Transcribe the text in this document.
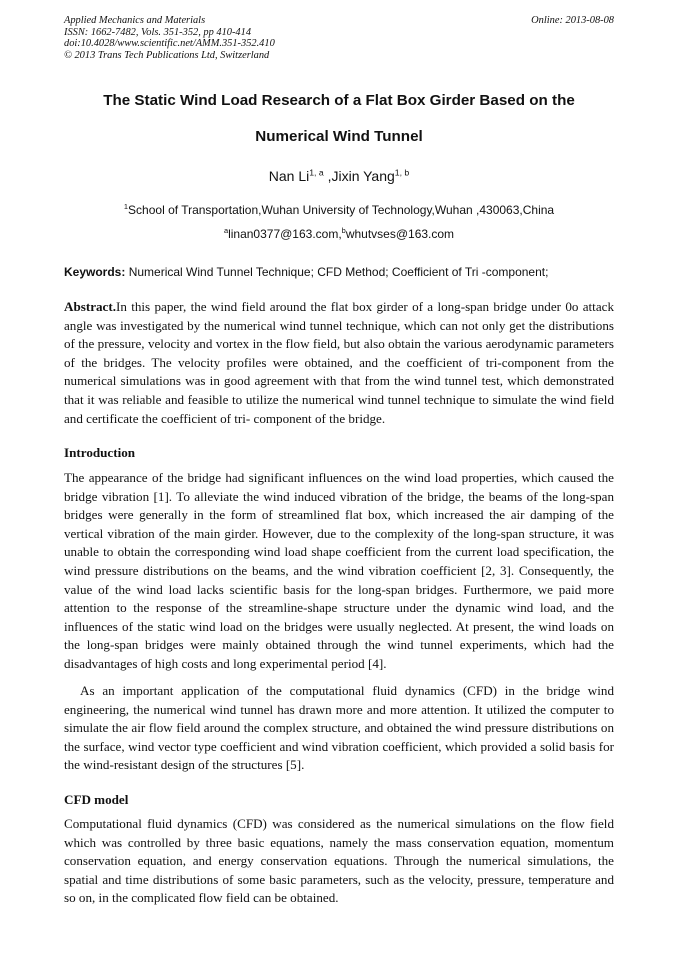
Applied Mechanics and Materials
ISSN: 1662-7482, Vols. 351-352, pp 410-414
doi:10.4028/www.scientific.net/AMM.351-352.410
© 2013 Trans Tech Publications Ltd, Switzerland
Online: 2013-08-08
The Static Wind Load Research of a Flat Box Girder Based on the
Numerical Wind Tunnel
Nan Li$^{1, a}$ ,Jixin Yang$^{1, b}$
$^1$School of Transportation,Wuhan University of Technology,Wuhan ,430063,China
$^a$linan0377@163.com,$^b$whutvses@163.com
Keywords: Numerical Wind Tunnel Technique; CFD Method; Coefficient of Tri -component;

Abstract.In this paper, the wind field around the flat box girder of a long-span bridge under 0o attack angle was investigated by the numerical wind tunnel technique, which can not only get the distributions of the pressure, velocity and vortex in the flow field, but also obtain the various aerodynamic parameters of the bridges. The velocity profiles were obtained, and the coefficient of tri-component from the numerical simulations was in good agreement with that from the wind tunnel test, which demonstrated that it was reliable and feasible to utilize the numerical wind tunnel technique to simulate the wind field and certificate the coefficient of tri- component of the bridge.

Introduction

The appearance of the bridge had significant influences on the wind load properties, which caused the bridge vibration [1]. To alleviate the wind induced vibration of the bridge, the beams of the long-span bridges were generally in the form of streamlined flat box, which increased the air damping of the vertical vibration of the main girder. However, due to the complexity of the long-span structure, it was unable to obtain the corresponding wind load shape coefficient from the current load specification, the wind pressure distributions on the beams, and the wind vibration coefficient [2, 3]. Consequently, the value of the wind load lacks scientific basis for the long-span bridges. Furthermore, we paid more attention to the response of the streamline-shape structure under the dynamic wind load, and the influences of the static wind load on the bridges were usually neglected. At present, the wind loads on the long-span bridges were mainly obtained through the wind tunnel experiments, which had the disadvantages of high costs and long experimental period [4].

As an important application of the computational fluid dynamics (CFD) in the bridge wind engineering, the numerical wind tunnel has drawn more and more attention. It utilized the computer to simulate the air flow field around the complex structure, and obtained the wind pressure distributions on the surface, wind vector type coefficient and wind vibration coefficient, which provided a solid basis for the wind-resistant design of the structures [5].

CFD model

Computational fluid dynamics (CFD) was considered as the numerical simulations on the flow field which was controlled by three basic equations, namely the mass conservation equation, momentum conservation equation, and energy conservation equations. Through the numerical simulations, the spatial and time distributions of some basic parameters, such as the velocity, pressure, temperature and so on, in the complicated flow field can be obtained.
